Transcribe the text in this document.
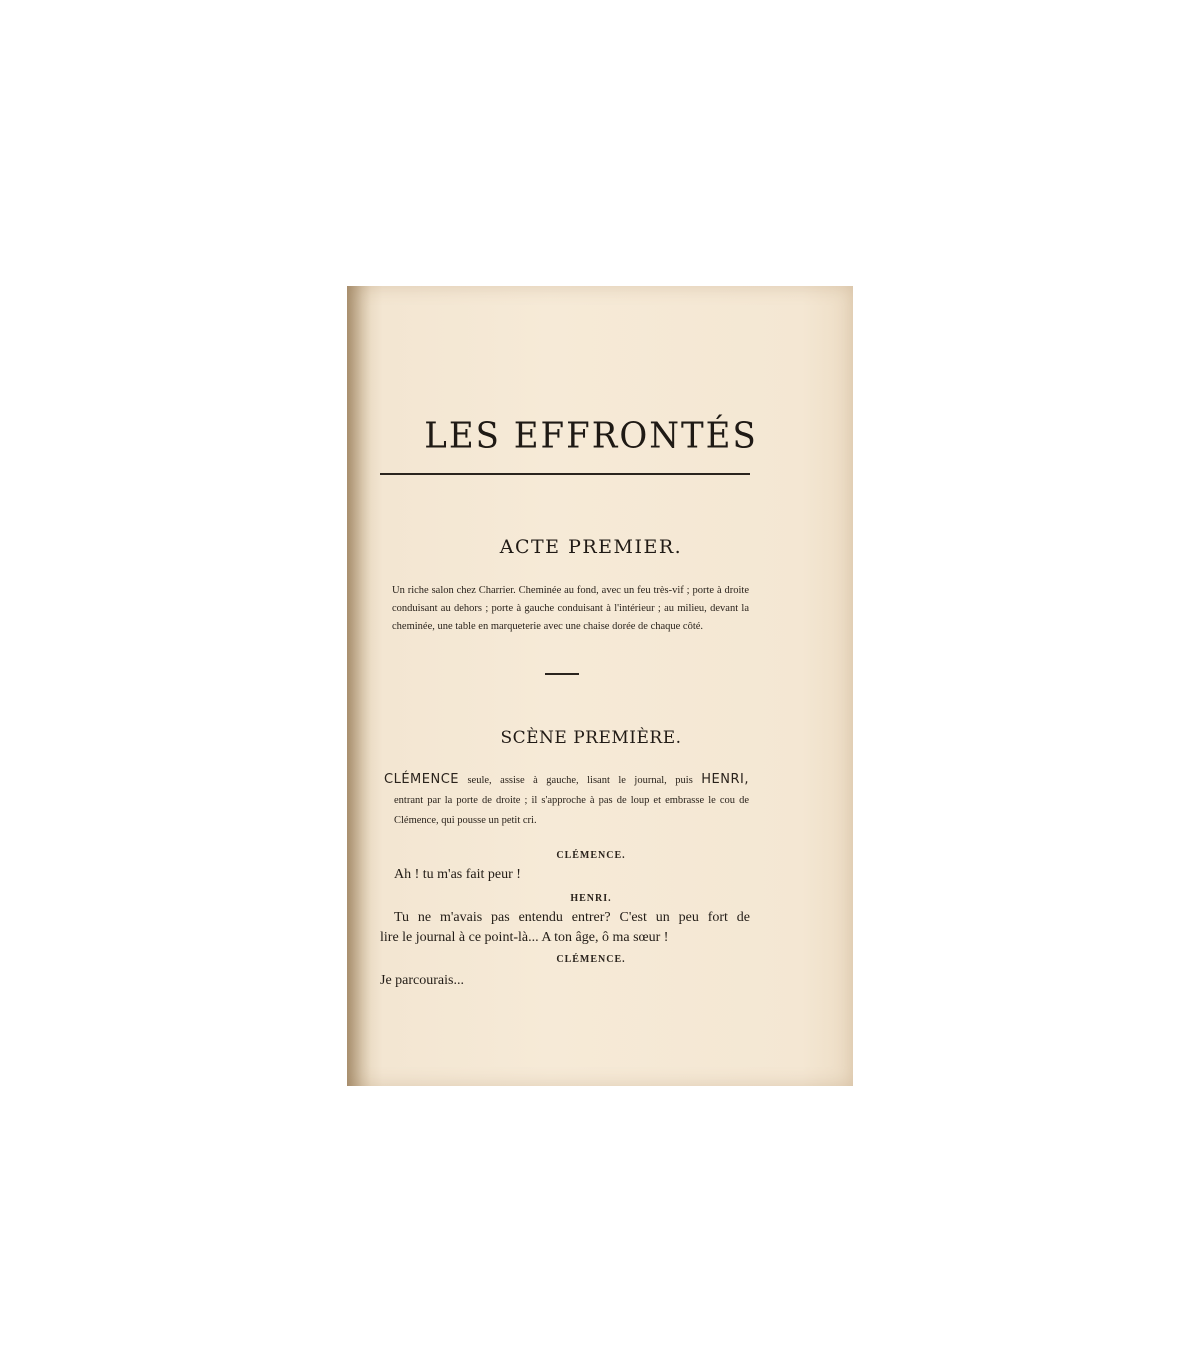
LES EFFRONTÉS
ACTE PREMIER.
Un riche salon chez Charrier. Cheminée au fond, avec un feu très-vif ; porte à droite conduisant au dehors ; porte à gauche conduisant à l'intérieur ; au milieu, devant la cheminée, une table en marqueterie avec une chaise dorée de chaque côté.
SCÈNE PREMIÈRE.
CLÉMENCE seule, assise à gauche, lisant le journal, puis HENRI,
entrant par la porte de droite ; il s'approche à pas de loup et embrasse le cou de Clémence, qui pousse un petit cri.
CLÉMENCE.
Ah ! tu m'as fait peur !
HENRI.
Tu ne m'avais pas entendu entrer? C'est un peu fort de
lire le journal à ce point-là... A ton âge, ô ma sœur !
CLÉMENCE.
Je parcourais...
